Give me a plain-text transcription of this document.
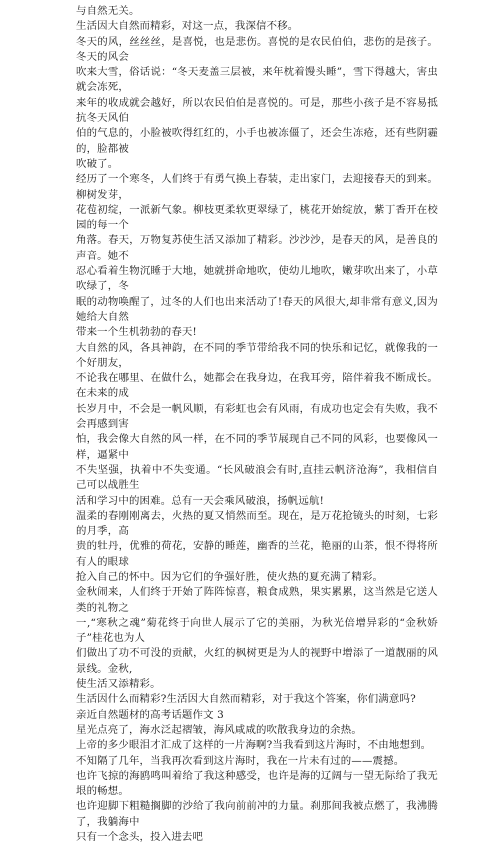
与自然无关。

生活因大自然而精彩，对这一点，我深信不移。

冬天的风，丝丝丝，是喜悦，也是悲伤。喜悦的是农民伯伯，悲伤的是孩子。冬天的风会

吹来大雪，俗话说：“冬天麦盖三层被，来年枕着馒头睡”，雪下得越大，害虫就会冻死，

来年的收成就会越好，所以农民伯伯是喜悦的。可是，那些小孩子是不容易抵抗冬天风伯

伯的气息的，小脸被吹得红红的，小手也被冻僵了，还会生冻疮，还有些阴霾的，脸都被

吹破了。

经历了一个寒冬，人们终于有勇气换上春装，走出家门，去迎接春天的到来。柳树发芽，

花苞初绽，一派新气象。柳枝更柔软更翠绿了，桃花开始绽放，紫丁香开在校园的每一个

角落。春天，万物复苏使生活又添加了精彩。沙沙沙，是春天的风，是善良的声音。她不

忍心看着生物沉睡于大地，她就拼命地吹，使幼儿地吹，嫩芽吹出来了，小草吹绿了，冬

眠的动物唤醒了，过冬的人们也出来活动了!春天的风很大,却非常有意义,因为她给大自然

带来一个生机勃勃的春天!

大自然的风，各具神韵，在不同的季节带给我不同的快乐和记忆，就像我的一个好朋友，

不论我在哪里、在做什么，她都会在我身边，在我耳旁，陪伴着我不断成长。在未来的成

长岁月中，不会是一帆风顺，有彩虹也会有风雨，有成功也定会有失败，我不会再感到害

怕，我会像大自然的风一样，在不同的季节展现自己不同的风彩，也要像风一样，逼紧中

不失坚强，执着中不失变通。“长风破浪会有时,直挂云帆济沧海”，我相信自己可以战胜生

活和学习中的困难。总有一天会乘风破浪，扬帆远航!

温柔的春刚刚离去，火热的夏又悄然而至。现在，是万花抢镜头的时刻，七彩的月季，高

贵的牡丹，优雅的荷花，安静的睡莲，幽香的兰花，艳丽的山茶，恨不得将所有人的眼球

抢入自己的怀中。因为它们的争强好胜，使火热的夏充满了精彩。

金秋闹来，人们终于开始了阵阵惊喜，粮食成熟，果实累累，这当然是它送人类的礼物之

一,“寒秋之魂”菊花终于向世人展示了它的美丽，为秋光倍增异彩的“金秋娇子”桂花也为人

们做出了功不可没的贡献，火红的枫树更是为人的视野中增添了一道靓丽的风景线。金秋,

使生活又添精彩。

生活因什么而精彩?生活因大自然而精彩，对于我这个答案，你们满意吗?

亲近自然题材的高考话题作文 3

星光点亮了，海水泛起褶皱，海风咸咸的吹散我身边的余热。

上帝的多少眼泪才汇成了这样的一片海啊?当我看到这片海时，不由地想到。

不知隔了几年，当我再次看到这片海时，我在一片未有过的——震撼。

也许飞掠的海鸥鸣叫着给了我这种感受，也许是海的辽阔与一望无际给了我无垠的畅想。

也许迎脚下粗糙搁脚的沙给了我向前前冲的力量。刹那间我被点燃了，我沸腾了，我躺海中

只有一个念头，投入进去吧
